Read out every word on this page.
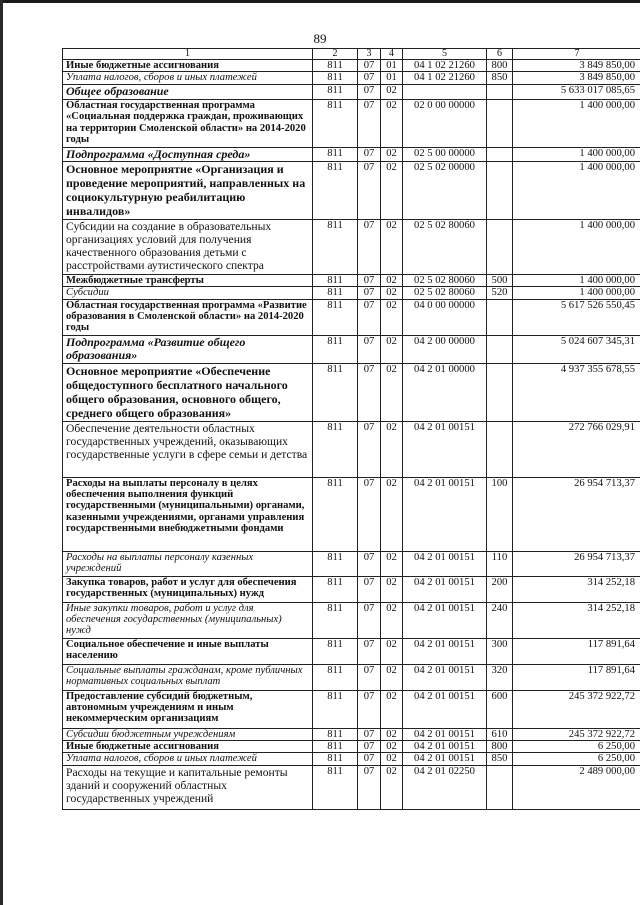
89
1	2	3	4	5	6	7
Иные бюджетные ассигнования	811	07	01	04 1 02 21260	800	3 849 850,00
Уплата налогов, сборов и иных платежей	811	07	01	04 1 02 21260	850	3 849 850,00
Общее образование	811	07	02			5 633 017 085,65
Областная государственная программа «Социальная поддержка граждан, проживающих на территории Смоленской области» на 2014-2020 годы	811	07	02	02 0 00 00000		1 400 000,00
Подпрограмма «Доступная среда»	811	07	02	02 5 00 00000		1 400 000,00
Основное мероприятие «Организация и проведение мероприятий, направленных на социокультурную реабилитацию инвалидов»	811	07	02	02 5 02 00000		1 400 000,00
Субсидии на создание в образовательных организациях условий для получения качественного образования детьми с расстройствами аутистического спектра	811	07	02	02 5 02 80060		1 400 000,00
Межбюджетные трансферты	811	07	02	02 5 02 80060	500	1 400 000,00
Субсидии	811	07	02	02 5 02 80060	520	1 400 000,00
Областная государственная программа «Развитие образования в Смоленской области» на 2014-2020 годы	811	07	02	04 0 00 00000		5 617 526 550,45
Подпрограмма «Развитие общего образования»	811	07	02	04 2 00 00000		5 024 607 345,31
Основное мероприятие «Обеспечение общедоступного бесплатного начального общего образования, основного общего, среднего общего образования»	811	07	02	04 2 01 00000		4 937 355 678,55
Обеспечение деятельности областных государственных учреждений, оказывающих государственные услуги в сфере семьи и детства	811	07	02	04 2 01 00151		272 766 029,91
Расходы на выплаты персоналу в целях обеспечения выполнения функций государственными (муниципальными) органами, казенными учреждениями, органами управления государственными внебюджетными фондами	811	07	02	04 2 01 00151	100	26 954 713,37
Расходы на выплаты персоналу казенных учреждений	811	07	02	04 2 01 00151	110	26 954 713,37
Закупка товаров, работ и услуг для обеспечения государственных (муниципальных) нужд	811	07	02	04 2 01 00151	200	314 252,18
Иные закупки товаров, работ и услуг для обеспечения государственных (муниципальных) нужд	811	07	02	04 2 01 00151	240	314 252,18
Социальное обеспечение и иные выплаты населению	811	07	02	04 2 01 00151	300	117 891,64
Социальные выплаты гражданам, кроме публичных нормативных социальных выплат	811	07	02	04 2 01 00151	320	117 891,64
Предоставление субсидий бюджетным, автономным учреждениям и иным некоммерческим организациям	811	07	02	04 2 01 00151	600	245 372 922,72
Субсидии бюджетным учреждениям	811	07	02	04 2 01 00151	610	245 372 922,72
Иные бюджетные ассигнования	811	07	02	04 2 01 00151	800	6 250,00
Уплата налогов, сборов и иных платежей	811	07	02	04 2 01 00151	850	6 250,00
Расходы на текущие и капитальные ремонты зданий и сооружений областных государственных учреждений	811	07	02	04 2 01 02250		2 489 000,00
